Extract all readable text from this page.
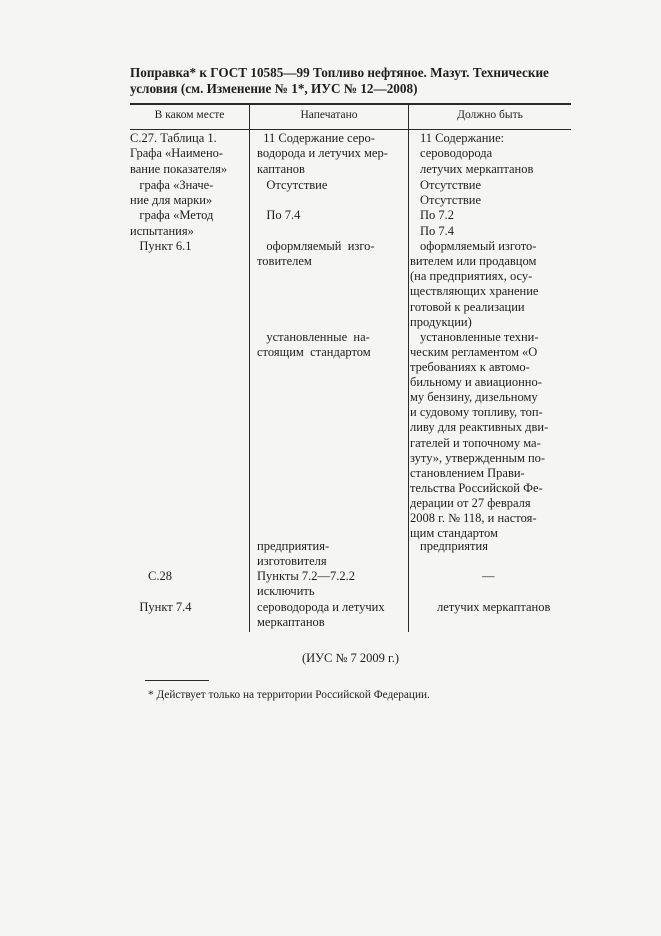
Поправка* к ГОСТ 10585—99 Топливо нефтяное. Мазут. Технические
условия (см. Изменение № 1*, ИУС № 12—2008)
В каком месте	Напечатано	Должно быть
С.27. Таблица 1.
Графа «Наимено-
вание показателя»
графа «Значе-
ние для марки»
графа «Метод
испытания»
Пункт 6.1
С.28
Пункт 7.4
11 Содержание серо-
водорода и летучих мер-
каптанов
Отсутствие
По 7.4
оформляемый  изго-
товителем
установленные  на-
стоящим  стандартом
предприятия-
изготовителя
Пункты 7.2—7.2.2
исключить
сероводорода и летучих
меркаптанов
11 Содержание:
сероводорода
летучих меркаптанов
Отсутствие
Отсутствие
По 7.2
По 7.4
оформляемый изгото-
вителем или продавцом
(на предприятиях, осу-
ществляющих хранение
готовой к реализации
продукции)
установленные техни-
ческим регламентом «О
требованиях к автомо-
бильному и авиационно-
му бензину, дизельному
и судовому топливу, топ-
ливу для реактивных дви-
гателей и топочному ма-
зуту», утвержденным по-
становлением Прави-
тельства Российской Фе-
дерации от 27 февраля
2008 г. № 118, и настоя-
щим стандартом
предприятия
—
летучих меркаптанов
(ИУС № 7 2009 г.)
* Действует только на территории Российской Федерации.
